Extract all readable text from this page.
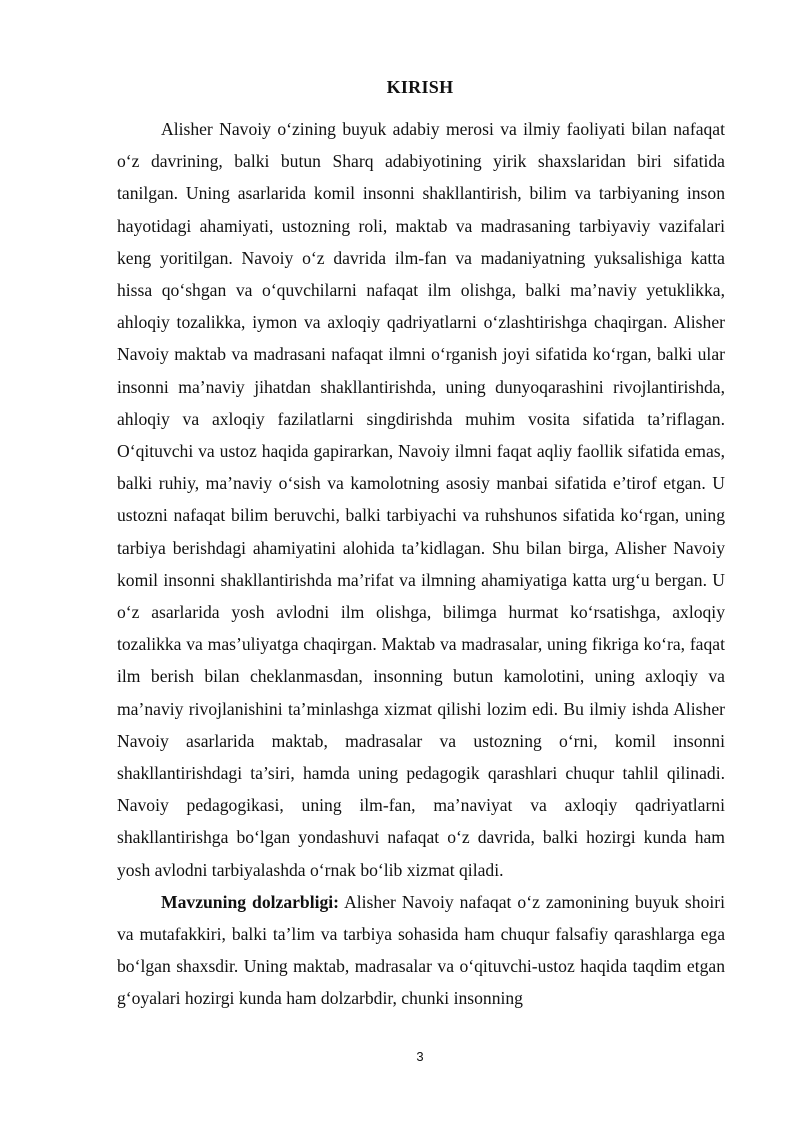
KIRISH

Alisher Navoiy o‘zining buyuk adabiy merosi va ilmiy faoliyati bilan nafaqat o‘z davrining, balki butun Sharq adabiyotining yirik shaxslaridan biri sifatida tanilgan. Uning asarlarida komil insonni shakllantirish, bilim va tarbiyaning inson hayotidagi ahamiyati, ustozning roli, maktab va madrasaning tarbiyaviy vazifalari keng yoritilgan. Navoiy o‘z davrida ilm-fan va madaniyatning yuksalishiga katta hissa qo‘shgan va o‘quvchilarni nafaqat ilm olishga, balki ma’naviy yetuklikka, ahloqiy tozalikka, iymon va axloqiy qadriyatlarni o‘zlashtirishga chaqirgan. Alisher Navoiy maktab va madrasani nafaqat ilmni o‘rganish joyi sifatida ko‘rgan, balki ular insonni ma’naviy jihatdan shakllantirishda, uning dunyoqarashini rivojlantirishda, ahloqiy va axloqiy fazilatlarni singdirishda muhim vosita sifatida ta’riflagan. O‘qituvchi va ustoz haqida gapirarkan, Navoiy ilmni faqat aqliy faollik sifatida emas, balki ruhiy, ma’naviy o‘sish va kamolotning asosiy manbai sifatida e’tirof etgan. U ustozni nafaqat bilim beruvchi, balki tarbiyachi va ruhshunos sifatida ko‘rgan, uning tarbiya berishdagi ahamiyatini alohida ta’kidlagan. Shu bilan birga, Alisher Navoiy komil insonni shakllantirishda ma’rifat va ilmning ahamiyatiga katta urg‘u bergan. U o‘z asarlarida yosh avlodni ilm olishga, bilimga hurmat ko‘rsatishga, axloqiy tozalikka va mas’uliyatga chaqirgan. Maktab va madrasalar, uning fikriga ko‘ra, faqat ilm berish bilan cheklanmasdan, insonning butun kamolotini, uning axloqiy va ma’naviy rivojlanishini ta’minlashga xizmat qilishi lozim edi. Bu ilmiy ishda Alisher Navoiy asarlarida maktab, madrasalar va ustozning o‘rni, komil insonni shakllantirishdagi ta’siri, hamda uning pedagogik qarashlari chuqur tahlil qilinadi. Navoiy pedagogikasi, uning ilm-fan, ma’naviyat va axloqiy qadriyatlarni shakllantirishga bo‘lgan yondashuvi nafaqat o‘z davrida, balki hozirgi kunda ham yosh avlodni tarbiyalashda o‘rnak bo‘lib xizmat qiladi.

Mavzuning dolzarbligi: Alisher Navoiy nafaqat o‘z zamonining buyuk shoiri va mutafakkiri, balki ta’lim va tarbiya sohasida ham chuqur falsafiy qarashlarga ega bo‘lgan shaxsdir. Uning maktab, madrasalar va o‘qituvchi-ustoz haqida taqdim etgan g‘oyalari hozirgi kunda ham dolzarbdir, chunki insonning

3
